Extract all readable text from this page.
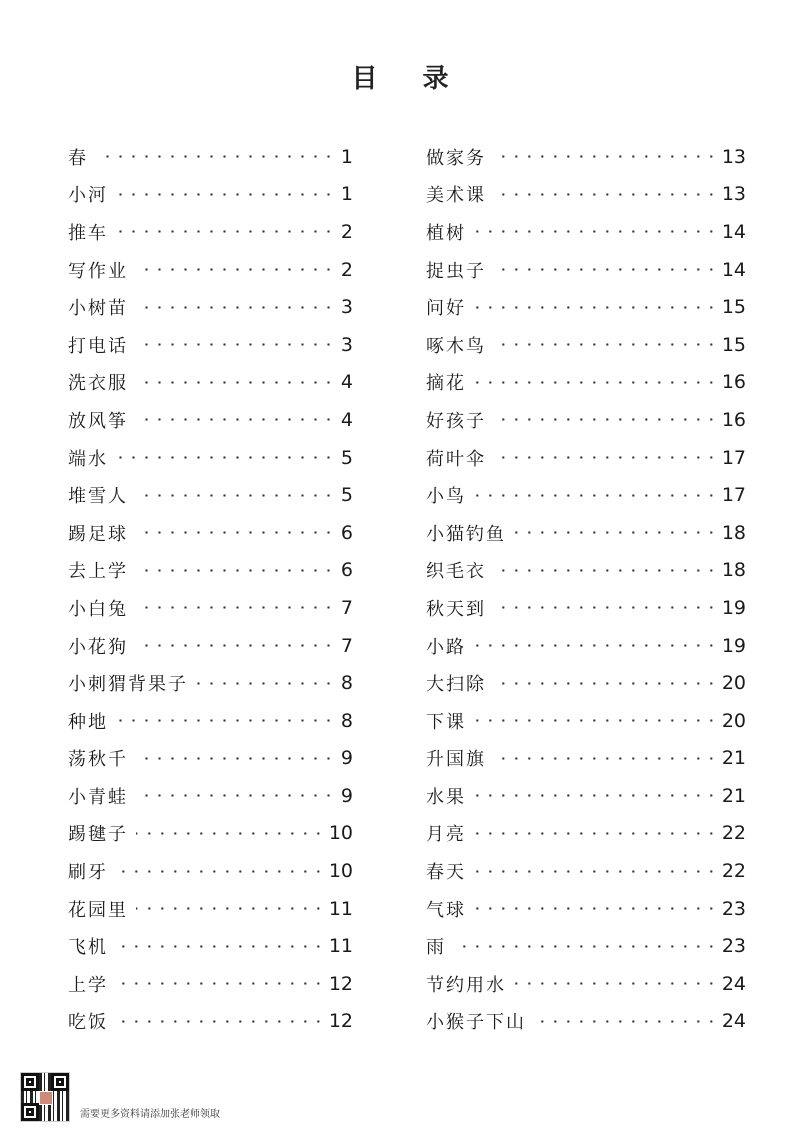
目 录
春	1
小河	1
推车	2
写作业	2
小树苗	3
打电话	3
洗衣服	4
放风筝	4
端水	5
堆雪人	5
踢足球	6
去上学	6
小白兔	7
小花狗	7
小刺猬背果子	8
种地	8
荡秋千	9
小青蛙	9
踢毽子	10
刷牙	10
花园里	11
飞机	11
上学	12
吃饭	12
做家务	13
美术课	13
植树	14
捉虫子	14
问好	15
啄木鸟	15
摘花	16
好孩子	16
荷叶伞	17
小鸟	17
小猫钓鱼	18
织毛衣	18
秋天到	19
小路	19
大扫除	20
下课	20
升国旗	21
水果	21
月亮	22
春天	22
气球	23
雨	23
节约用水	24
小猴子下山	24
需要更多资料请添加张老师领取
